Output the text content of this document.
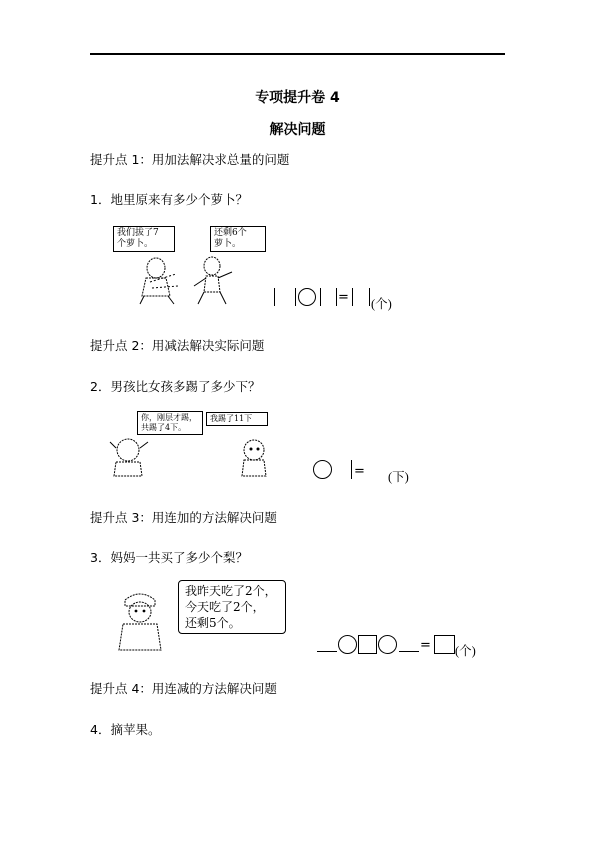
专项提升卷 4
解决问题
提升点 1：用加法解决求总量的问题
1．地里原来有多少个萝卜？
我们拔了7
个萝卜。
还剩6个
萝卜。
= (个)
提升点 2：用减法解决实际问题
2．男孩比女孩多踢了多少下？
你，刚层才踢，
共踢了4下。
我踢了11下
= (下)
提升点 3：用连加的方法解决问题
3．妈妈一共买了多少个梨？
我昨天吃了2个，
今天吃了2个，
还剩5个。
= (个)
提升点 4：用连减的方法解决问题
4．摘苹果。
